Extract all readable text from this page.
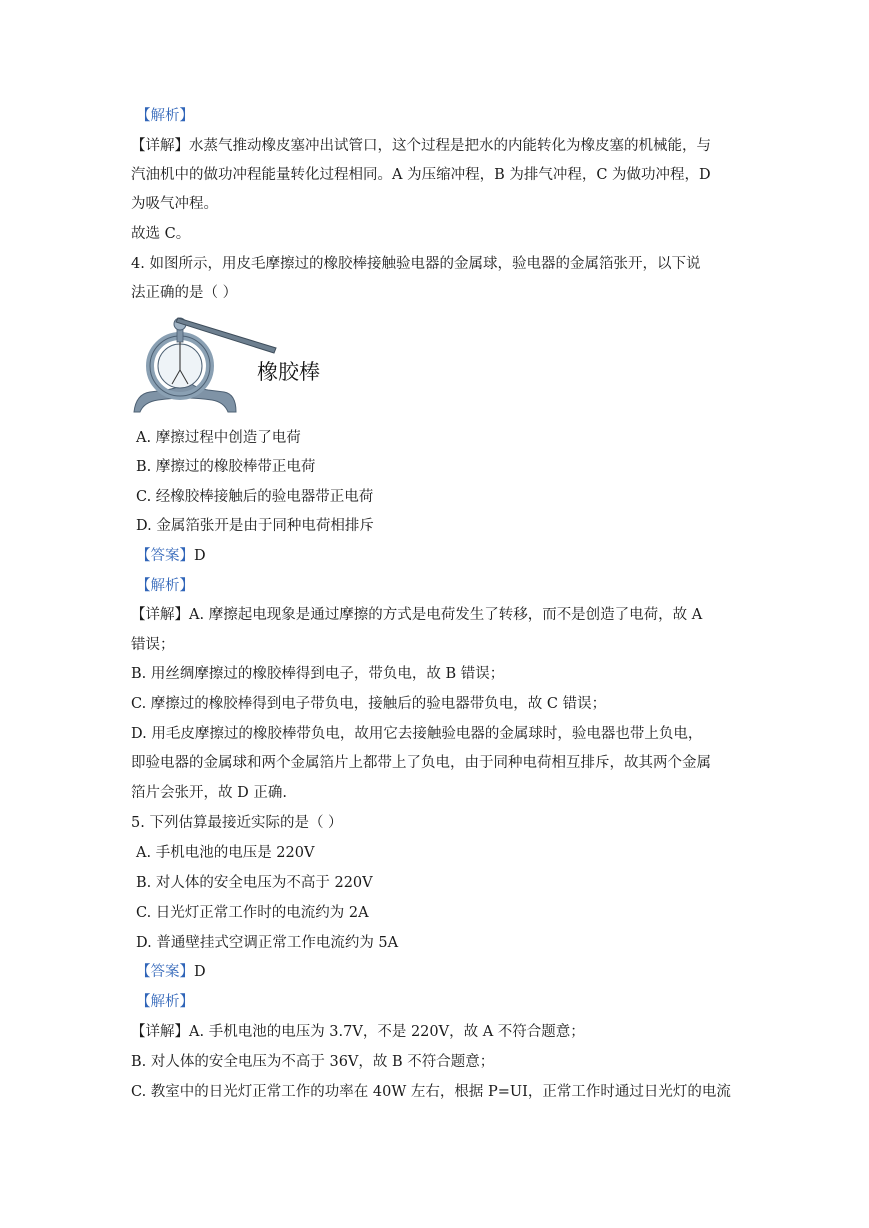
【解析】
【详解】水蒸气推动橡皮塞冲出试管口，这个过程是把水的内能转化为橡皮塞的机械能，与
汽油机中的做功冲程能量转化过程相同。A 为压缩冲程，B 为排气冲程，C 为做功冲程，D
为吸气冲程。
故选 C。
4. 如图所示，用皮毛摩擦过的橡胶棒接触验电器的金属球，验电器的金属箔张开，以下说
法正确的是（ ）
橡胶棒
A. 摩擦过程中创造了电荷
B. 摩擦过的橡胶棒带正电荷
C. 经橡胶棒接触后的验电器带正电荷
D. 金属箔张开是由于同种电荷相排斥
【答案】D
【解析】
【详解】A. 摩擦起电现象是通过摩擦的方式是电荷发生了转移，而不是创造了电荷，故 A
错误；
B. 用丝绸摩擦过的橡胶棒得到电子，带负电，故 B 错误；
C. 摩擦过的橡胶棒得到电子带负电，接触后的验电器带负电，故 C 错误；
D. 用毛皮摩擦过的橡胶棒带负电，故用它去接触验电器的金属球时，验电器也带上负电，
即验电器的金属球和两个金属箔片上都带上了负电，由于同种电荷相互排斥，故其两个金属
箔片会张开，故 D 正确.
5. 下列估算最接近实际的是（ ）
A. 手机电池的电压是 220V
B. 对人体的安全电压为不高于 220V
C. 日光灯正常工作时的电流约为 2A
D. 普通壁挂式空调正常工作电流约为 5A
【答案】D
【解析】
【详解】A. 手机电池的电压为 3.7V，不是 220V，故 A 不符合题意；
B. 对人体的安全电压为不高于 36V，故 B 不符合题意；
C. 教室中的日光灯正常工作的功率在 40W 左右，根据 P=UI，正常工作时通过日光灯的电流
